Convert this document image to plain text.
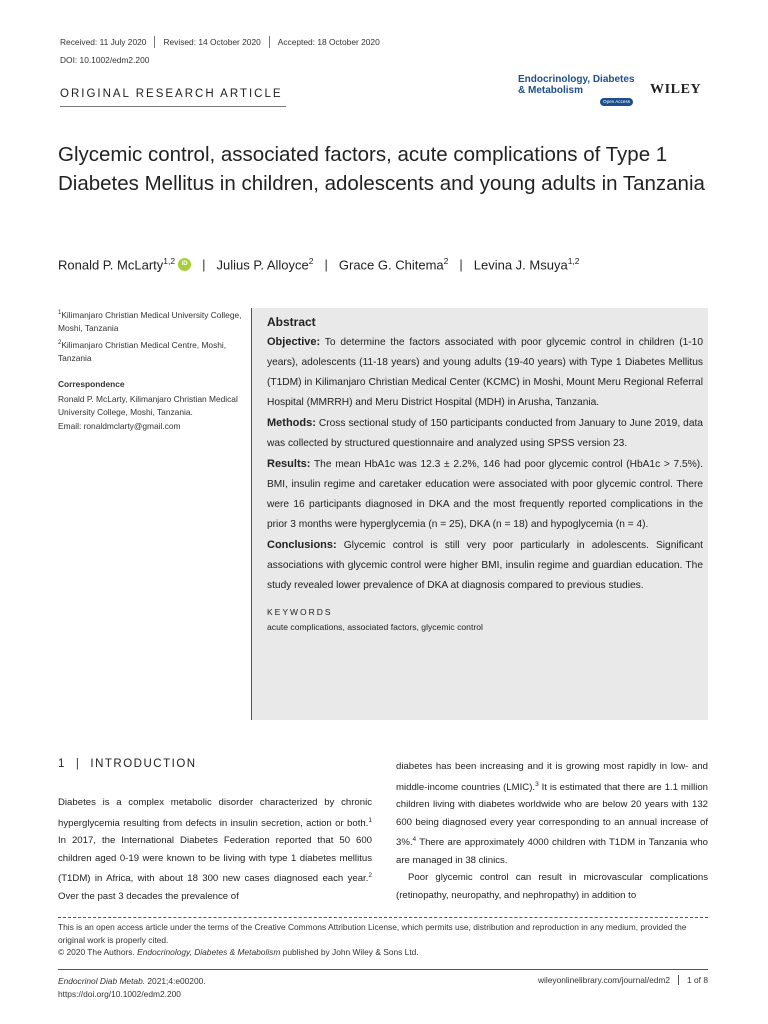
Received: 11 July 2020	Revised: 14 October 2020	Accepted: 18 October 2020
DOI: 10.1002/edm2.200
ORIGINAL RESEARCH ARTICLE
Endocrinology, Diabetes
& Metabolism
Open Access
WILEY
Glycemic control, associated factors, acute complications of Type 1 Diabetes Mellitus in children, adolescents and young adults in Tanzania
Ronald P. McLarty$^{1,2}$	iD | Julius P. Alloyce$^2$ | Grace G. Chitema$^2$ | Levina J. Msuya$^{1,2}$

$^1$Kilimanjaro Christian Medical University College, Moshi, Tanzania

$^2$Kilimanjaro Christian Medical Centre, Moshi, Tanzania

Correspondence

Ronald P. McLarty, Kilimanjaro Christian Medical University College, Moshi, Tanzania.

Email: ronaldmclarty@gmail.com

Abstract

Objective: To determine the factors associated with poor glycemic control in children (1-10 years), adolescents (11-18 years) and young adults (19-40 years) with Type 1 Diabetes Mellitus (T1DM) in Kilimanjaro Christian Medical Center (KCMC) in Moshi, Mount Meru Regional Referral Hospital (MMRRH) and Meru District Hospital (MDH) in Arusha, Tanzania.

Methods: Cross sectional study of 150 participants conducted from January to June 2019, data was collected by structured questionnaire and analyzed using SPSS version 23.

Results: The mean HbA1c was 12.3 ± 2.2%, 146 had poor glycemic control (HbA1c > 7.5%). BMI, insulin regime and caretaker education were associated with poor glycemic control. There were 16 participants diagnosed in DKA and the most frequently reported complications in the prior 3 months were hyperglycemia (n = 25), DKA (n = 18) and hypoglycemia (n = 4).

Conclusions: Glycemic control is still very poor particularly in adolescents. Significant associations with glycemic control were higher BMI, insulin regime and guardian education. The study revealed lower prevalence of DKA at diagnosis compared to previous studies.

KEYWORDS
acute complications, associated factors, glycemic control
1 | INTRODUCTION

Diabetes is a complex metabolic disorder characterized by chronic hyperglycemia resulting from defects in insulin secretion, action or both.$^1$ In 2017, the International Diabetes Federation reported that 50 600 children aged 0-19 were known to be living with type 1 diabetes mellitus (T1DM) in Africa, with about 18 300 new cases diagnosed each year.$^2$ Over the past 3 decades the prevalence of

diabetes has been increasing and it is growing most rapidly in low- and middle-income countries (LMIC).$^3$ It is estimated that there are 1.1 million children living with diabetes worldwide who are below 20 years with 132 600 being diagnosed every year corresponding to an annual increase of 3%.$^4$ There are approximately 4000 children with T1DM in Tanzania who are managed in 38 clinics.

Poor glycemic control can result in microvascular complications (retinopathy, neuropathy, and nephropathy) in addition to

This is an open access article under the terms of the Creative Commons Attribution License, which permits use, distribution and reproduction in any medium, provided the original work is properly cited.

© 2020 The Authors. Endocrinology, Diabetes & Metabolism published by John Wiley & Sons Ltd.

Endocrinol Diab Metab. 2021;4:e00200.

https://doi.org/10.1002/edm2.200

wileyonlinelibrary.com/journal/edm2	1 of 8
